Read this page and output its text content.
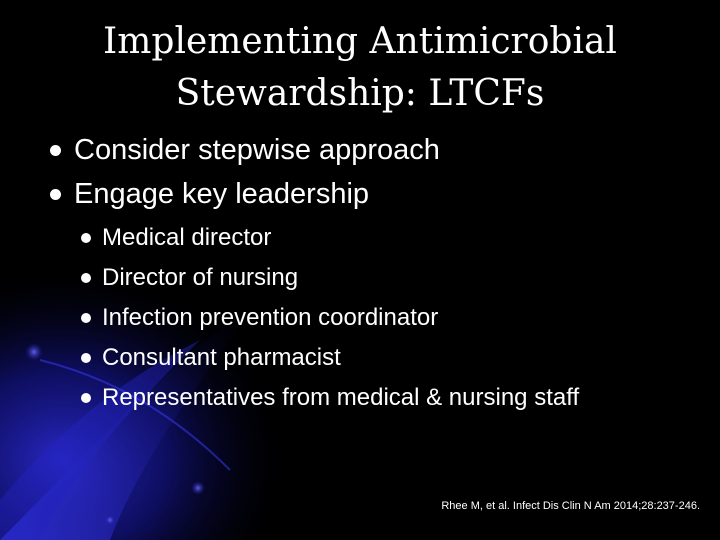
Implementing Antimicrobial
Stewardship: LTCFs
Consider stepwise approach
Engage key leadership
Medical director
Director of nursing
Infection prevention coordinator
Consultant pharmacist
Representatives from medical & nursing staff
Rhee M, et al. Infect Dis Clin N Am 2014;28:237-246.
